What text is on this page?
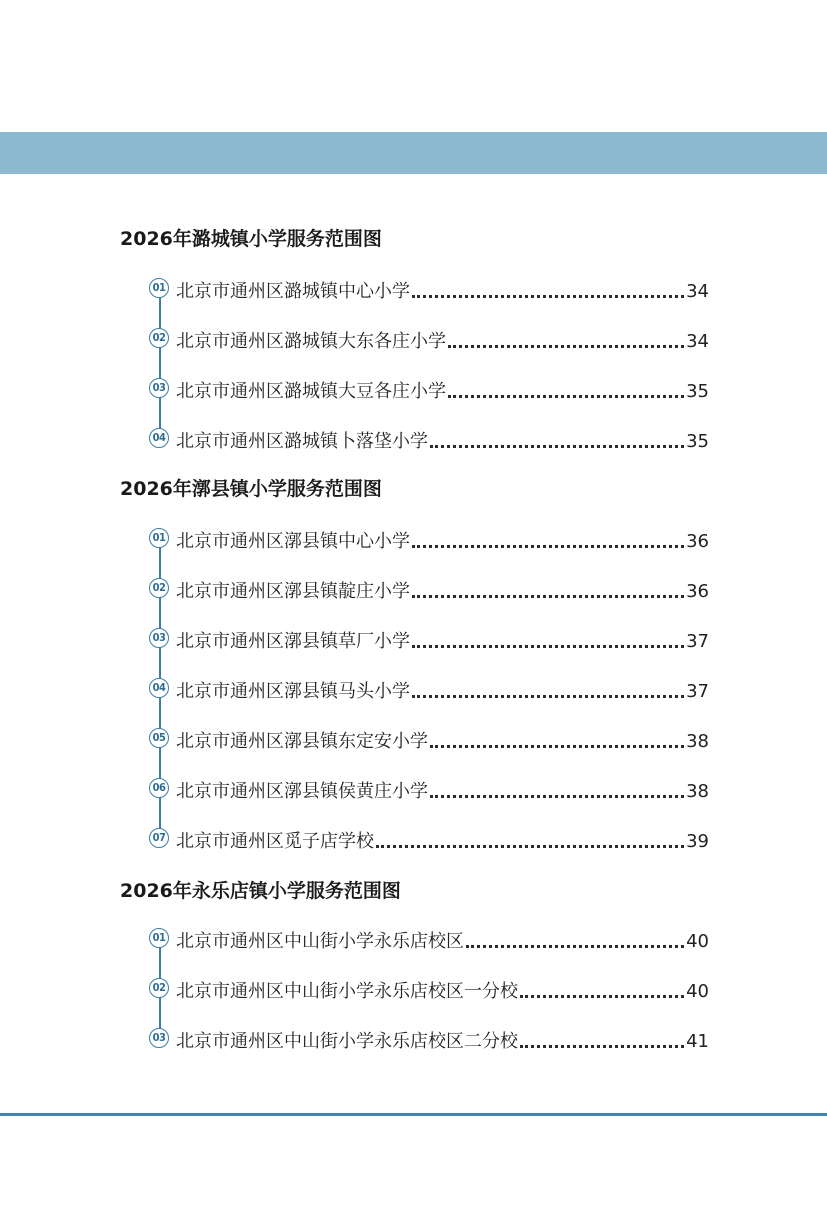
2026年潞城镇小学服务范围图
01 北京市通州区潞城镇中心小学	34
02 北京市通州区潞城镇大东各庄小学	34
03 北京市通州区潞城镇大豆各庄小学	35
04 北京市通州区潞城镇卜落垡小学	35
2026年漷县镇小学服务范围图
01 北京市通州区漷县镇中心小学	36
02 北京市通州区漷县镇靛庄小学	36
03 北京市通州区漷县镇草厂小学	37
04 北京市通州区漷县镇马头小学	37
05 北京市通州区漷县镇东定安小学	38
06 北京市通州区漷县镇侯黄庄小学	38
07 北京市通州区觅子店学校	39
2026年永乐店镇小学服务范围图
01 北京市通州区中山街小学永乐店校区	40
02 北京市通州区中山街小学永乐店校区一分校	40
03 北京市通州区中山街小学永乐店校区二分校	41
